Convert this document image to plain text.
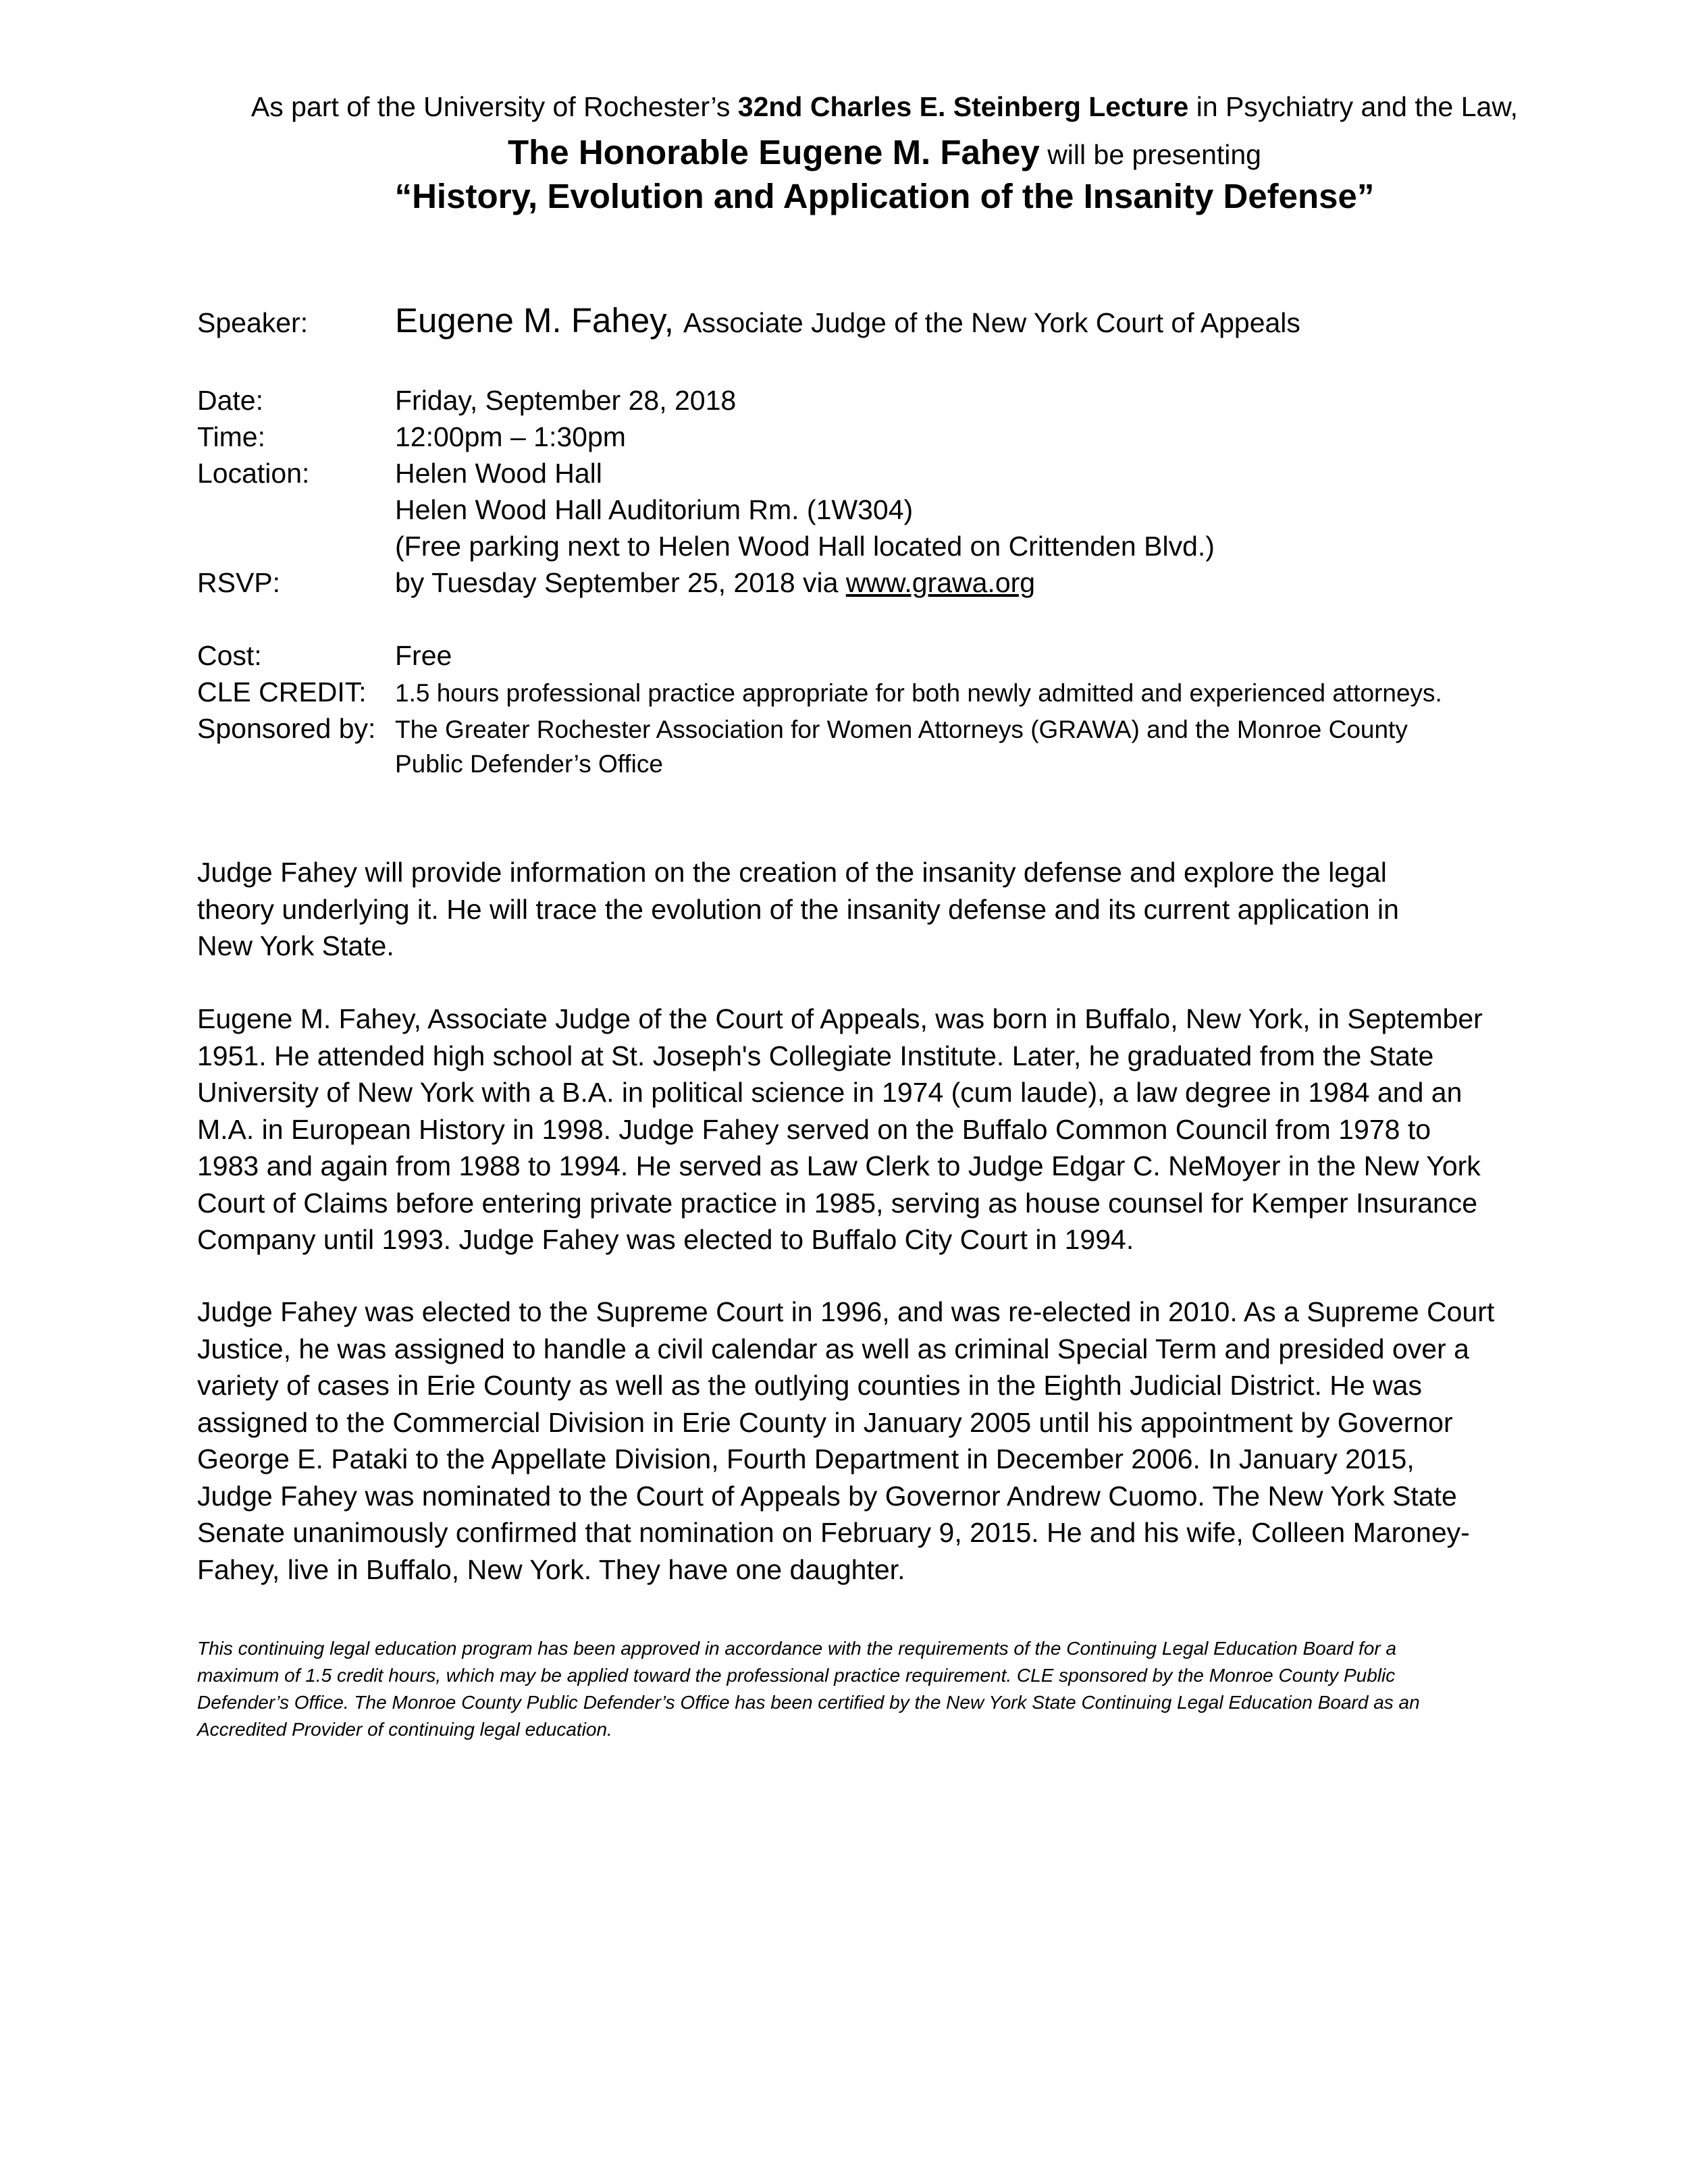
As part of the University of Rochester’s 32nd Charles E. Steinberg Lecture in Psychiatry and the Law,
The Honorable Eugene M. Fahey will be presenting
“History, Evolution and Application of the Insanity Defense”
Speaker:	Eugene M. Fahey, Associate Judge of the New York Court of Appeals
Date:	Friday, September 28, 2018
Time:	12:00pm – 1:30pm
Location:	Helen Wood Hall
Helen Wood Hall Auditorium Rm. (1W304)
(Free parking next to Helen Wood Hall located on Crittenden Blvd.)
RSVP:	by Tuesday September 25, 2018 via www.grawa.org
Cost:	Free
CLE CREDIT: 1.5 hours professional practice appropriate for both newly admitted and experienced attorneys.
Sponsored by: The Greater Rochester Association for Women Attorneys (GRAWA) and the Monroe County
Public Defender’s Office

Judge Fahey will provide information on the creation of the insanity defense and explore the legal
theory underlying it. He will trace the evolution of the insanity defense and its current application in
New York State.

Eugene M. Fahey, Associate Judge of the Court of Appeals, was born in Buffalo, New York, in September
1951. He attended high school at St. Joseph's Collegiate Institute. Later, he graduated from the State
University of New York with a B.A. in political science in 1974 (cum laude), a law degree in 1984 and an
M.A. in European History in 1998. Judge Fahey served on the Buffalo Common Council from 1978 to
1983 and again from 1988 to 1994. He served as Law Clerk to Judge Edgar C. NeMoyer in the New York
Court of Claims before entering private practice in 1985, serving as house counsel for Kemper Insurance
Company until 1993. Judge Fahey was elected to Buffalo City Court in 1994.

Judge Fahey was elected to the Supreme Court in 1996, and was re-elected in 2010. As a Supreme Court
Justice, he was assigned to handle a civil calendar as well as criminal Special Term and presided over a
variety of cases in Erie County as well as the outlying counties in the Eighth Judicial District. He was
assigned to the Commercial Division in Erie County in January 2005 until his appointment by Governor
George E. Pataki to the Appellate Division, Fourth Department in December 2006. In January 2015,
Judge Fahey was nominated to the Court of Appeals by Governor Andrew Cuomo. The New York State
Senate unanimously confirmed that nomination on February 9, 2015. He and his wife, Colleen Maroney-
Fahey, live in Buffalo, New York. They have one daughter.

This continuing legal education program has been approved in accordance with the requirements of the Continuing Legal Education Board for a
maximum of 1.5 credit hours, which may be applied toward the professional practice requirement. CLE sponsored by the Monroe County Public
Defender’s Office. The Monroe County Public Defender’s Office has been certified by the New York State Continuing Legal Education Board as an
Accredited Provider of continuing legal education.
